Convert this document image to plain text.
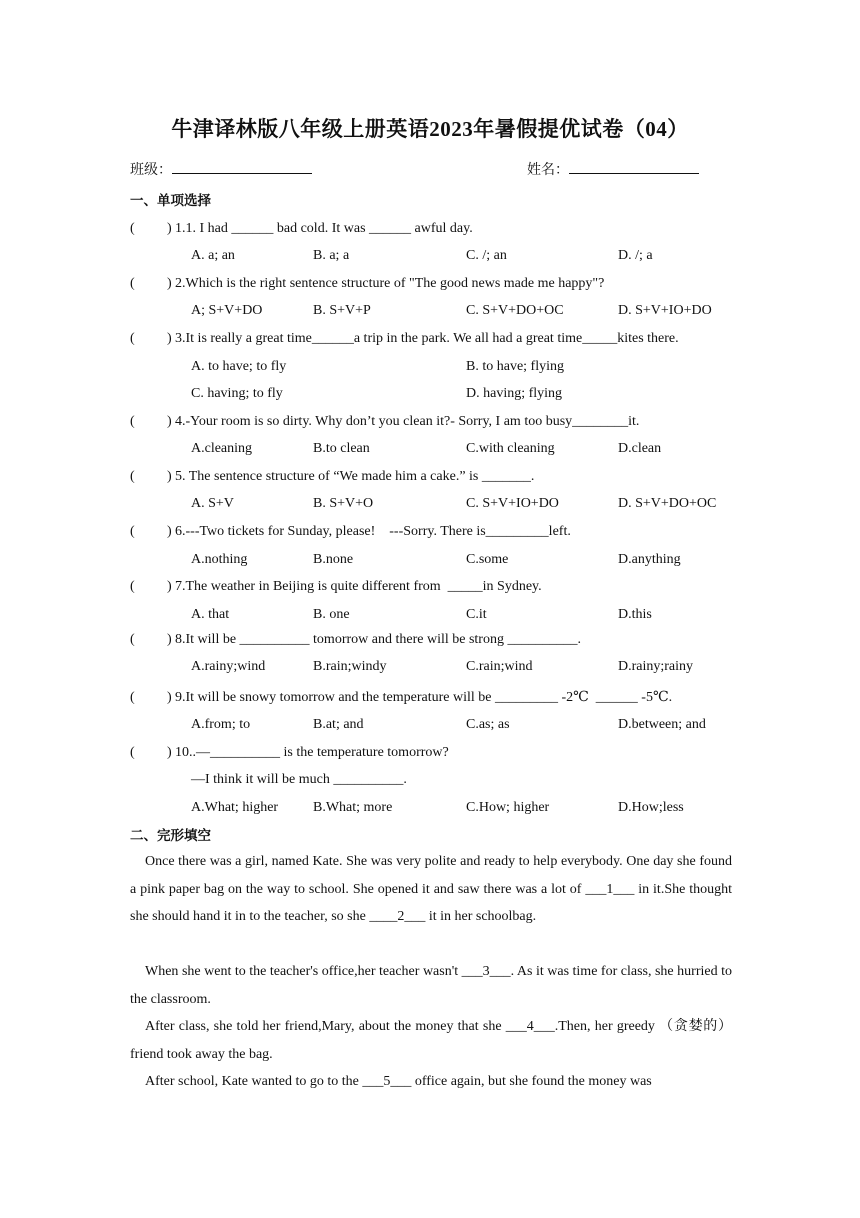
牛津译林版八年级上册英语2023年暑假提优试卷（04）
班级：	姓名：
一、单项选择
( ) 1.1. I had ______ bad cold. It was ______ awful day.
A. a; an	B. a; a	C. /; an	D. /; a
( ) 2.Which is the right sentence structure of "The good news made me happy"?
A; S+V+DO	B. S+V+P	C. S+V+DO+OC	D. S+V+IO+DO
( ) 3.It is really a great time______a trip in the park. We all had a great time_____kites there.
A. to have; to fly	B. to have; flying
C. having; to fly	D. having; flying
( ) 4.-Your room is so dirty. Why don’t you clean it?- Sorry, I am too busy________it.
A.cleaning	B.to clean	C.with cleaning	D.clean
( ) 5. The sentence structure of “We made him a cake.” is _______.
A. S+V	B. S+V+O	C. S+V+IO+DO	D. S+V+DO+OC
( ) 6.---Two tickets for Sunday, please!    ---Sorry. There is_________left.
A.nothing	B.none	C.some	D.anything
( ) 7.The weather in Beijing is quite different from  _____in Sydney.
A. that	B. one	C.it	D.this
( ) 8.It will be __________ tomorrow and there will be strong __________.
A.rainy;wind	B.rain;windy	C.rain;wind	D.rainy;rainy
( ) 9.It will be snowy tomorrow and the temperature will be _________ -2℃  ______ -5℃.
A.from; to	B.at; and	C.as; as	D.between; and
( ) 10..—__________ is the temperature tomorrow?
—I think it will be much __________.
A.What; higher B.What; more	C.How; higher	D.How;less
二、完形填空
Once there was a girl, named Kate. She was very polite and ready to help everybody. One day she found a pink paper bag on the way to school. She opened it and saw there was a lot of ___1___ in it.She thought she should hand it in to the teacher, so she ____2___ it in her schoolbag.
When she went to the teacher's office,her teacher wasn't ___3___. As it was time for class, she hurried to the classroom.
After class, she told her friend,Mary, about the money that she ___4___.Then, her greedy （贪婪的） friend took away the bag.
After school, Kate wanted to go to the ___5___ office again, but she found the money was
